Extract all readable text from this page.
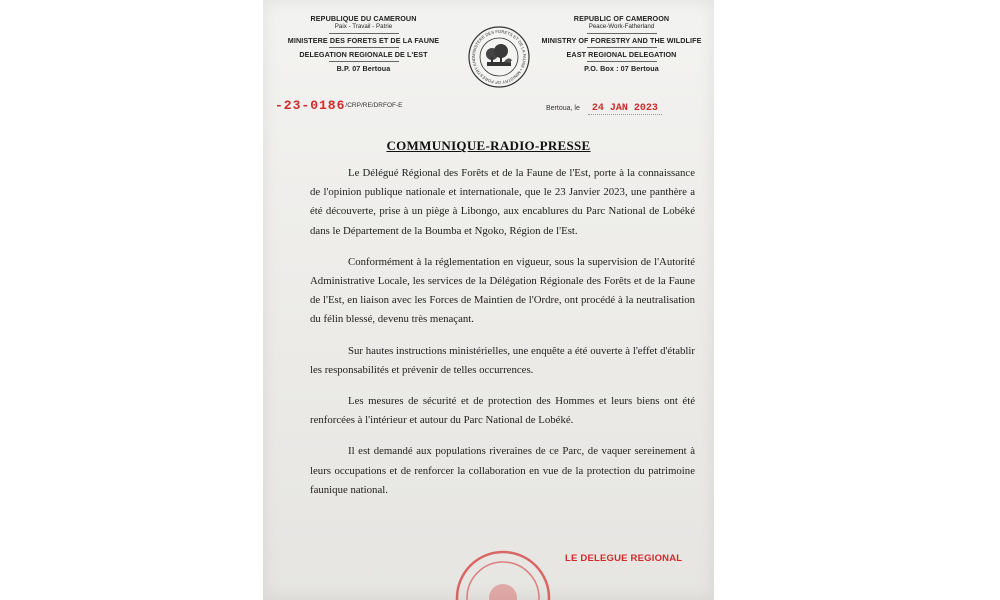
REPUBLIQUE DU CAMEROUN
Paix - Travail - Patrie
MINISTERE DES FORETS ET DE LA FAUNE
DELEGATION REGIONALE DE L'EST
B.P. 07 Bertoua
REPUBLIC OF CAMEROON
Peace-Work-Fatherland
MINISTRY OF FORESTRY AND THE WILDLIFE
EAST REGIONAL DELEGATION
P.O. Box : 07 Bertoua
MINISTERE DES FORETS ET DE LA FAUNE • MINISTRY OF FORESTRY AND
-23-0186/CRP/RE/DRFOF-E	Bertoua, le 24 JAN 2023
COMMUNIQUE-RADIO-PRESSE

Le Délégué Régional des Forêts et de la Faune de l'Est, porte à la connaissance de l'opinion publique nationale et internationale, que le 23 Janvier 2023, une panthère a été découverte, prise à un piège à Libongo, aux encablures du Parc National de Lobéké dans le Département de la Boumba et Ngoko, Région de l'Est.

Conformément à la réglementation en vigueur, sous la supervision de l'Autorité Administrative Locale, les services de la Délégation Régionale des Forêts et de la Faune de l'Est, en liaison avec les Forces de Maintien de l'Ordre, ont procédé à la neutralisation du félin blessé, devenu très menaçant.

Sur hautes instructions ministérielles, une enquête a été ouverte à l'effet d'établir les responsabilités et prévenir de telles occurrences.

Les mesures de sécurité et de protection des Hommes et leurs biens ont été renforcées à l'intérieur et autour du Parc National de Lobéké.

Il est demandé aux populations riveraines de ce Parc, de vaquer sereinement à leurs occupations et de renforcer la collaboration en vue de la protection du patrimoine faunique national.

LE DELEGUE REGIONAL
